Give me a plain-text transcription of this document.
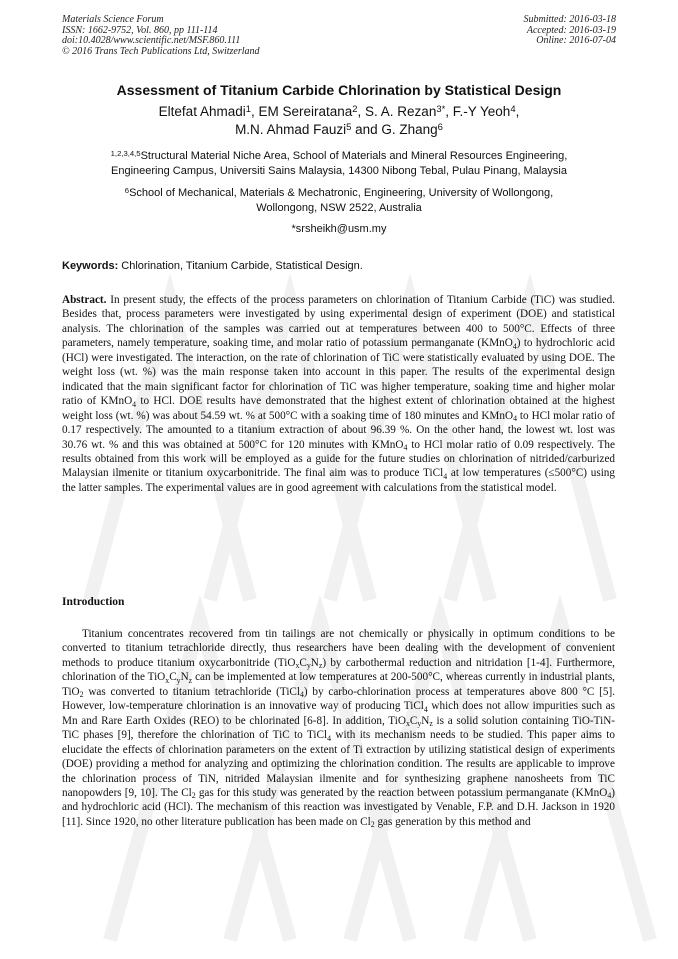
Materials Science Forum
ISSN: 1662-9752, Vol. 860, pp 111-114
doi:10.4028/www.scientific.net/MSF.860.111
© 2016 Trans Tech Publications Ltd, Switzerland
Submitted: 2016-03-18
Accepted: 2016-03-19
Online: 2016-07-04
Assessment of Titanium Carbide Chlorination by Statistical Design
Eltefat Ahmadi$^1$, EM Sereiratana$^2$, S. A. Rezan$^{3*}$, F.-Y Yeoh$^4$,
M.N. Ahmad Fauzi$^5$ and G. Zhang$^6$
$^{1,2,3,4,5}$Structural Material Niche Area, School of Materials and Mineral Resources Engineering,
Engineering Campus, Universiti Sains Malaysia, 14300 Nibong Tebal, Pulau Pinang, Malaysia
$^6$School of Mechanical, Materials & Mechatronic, Engineering, University of Wollongong,
Wollongong, NSW 2522, Australia
*srsheikh@usm.my
Keywords: Chlorination, Titanium Carbide, Statistical Design.
Abstract. In present study, the effects of the process parameters on chlorination of Titanium Carbide (TiC) was studied. Besides that, process parameters were investigated by using experimental design of experiment (DOE) and statistical analysis. The chlorination of the samples was carried out at temperatures between 400 to 500°C. Effects of three parameters, namely temperature, soaking time, and molar ratio of potassium permanganate (KMnO$_4$) to hydrochloric acid (HCl) were investigated. The interaction, on the rate of chlorination of TiC were statistically evaluated by using DOE. The weight loss (wt. %) was the main response taken into account in this paper. The results of the experimental design indicated that the main significant factor for chlorination of TiC was higher temperature, soaking time and higher molar ratio of KMnO$_4$ to HCl. DOE results have demonstrated that the highest extent of chlorination obtained at the highest weight loss (wt. %) was about 54.59 wt. % at 500°C with a soaking time of 180 minutes and KMnO$_4$ to HCl molar ratio of 0.17 respectively. The amounted to a titanium extraction of about 96.39 %. On the other hand, the lowest wt. lost was 30.76 wt. % and this was obtained at 500°C for 120 minutes with KMnO$_4$ to HCl molar ratio of 0.09 respectively. The results obtained from this work will be employed as a guide for the future studies on chlorination of nitrided/carburized Malaysian ilmenite or titanium oxycarbonitride. The final aim was to produce TiCl$_4$ at low temperatures (≤500°C) using the latter samples. The experimental values are in good agreement with calculations from the statistical model.
Introduction
Titanium concentrates recovered from tin tailings are not chemically or physically in optimum conditions to be converted to titanium tetrachloride directly, thus researchers have been dealing with the development of convenient methods to produce titanium oxycarbonitride $(TiO_xC_yN_z)$ by carbothermal reduction and nitridation [1-4]. Furthermore, chlorination of the $TiO_xC_yN_z$ can be implemented at low temperatures at 200-500°C, whereas currently in industrial plants, TiO$_2$ was converted to titanium tetrachloride (TiCl$_4$) by carbo-chlorination process at temperatures above 800 °C [5]. However, low-temperature chlorination is an innovative way of producing TiCl$_4$ which does not allow impurities such as Mn and Rare Earth Oxides (REO) to be chlorinated [6-8]. In addition, $TiO_xC_yN_z$ is a solid solution containing TiO-TiN-TiC phases [9], therefore the chlorination of TiC to TiCl$_4$ with its mechanism needs to be studied. This paper aims to elucidate the effects of chlorination parameters on the extent of Ti extraction by utilizing statistical design of experiments (DOE) providing a method for analyzing and optimizing the chlorination condition. The results are applicable to improve the chlorination process of TiN, nitrided Malaysian ilmenite and for synthesizing graphene nanosheets from TiC nanopowders [9, 10]. The $Cl_2$ gas for this study was generated by the reaction between potassium permanganate (KMnO$_4$) and hydrochloric acid (HCl). The mechanism of this reaction was investigated by Venable, F.P. and D.H. Jackson in 1920 [11]. Since 1920, no other literature publication has been made on $Cl_2$ gas generation by this method and
